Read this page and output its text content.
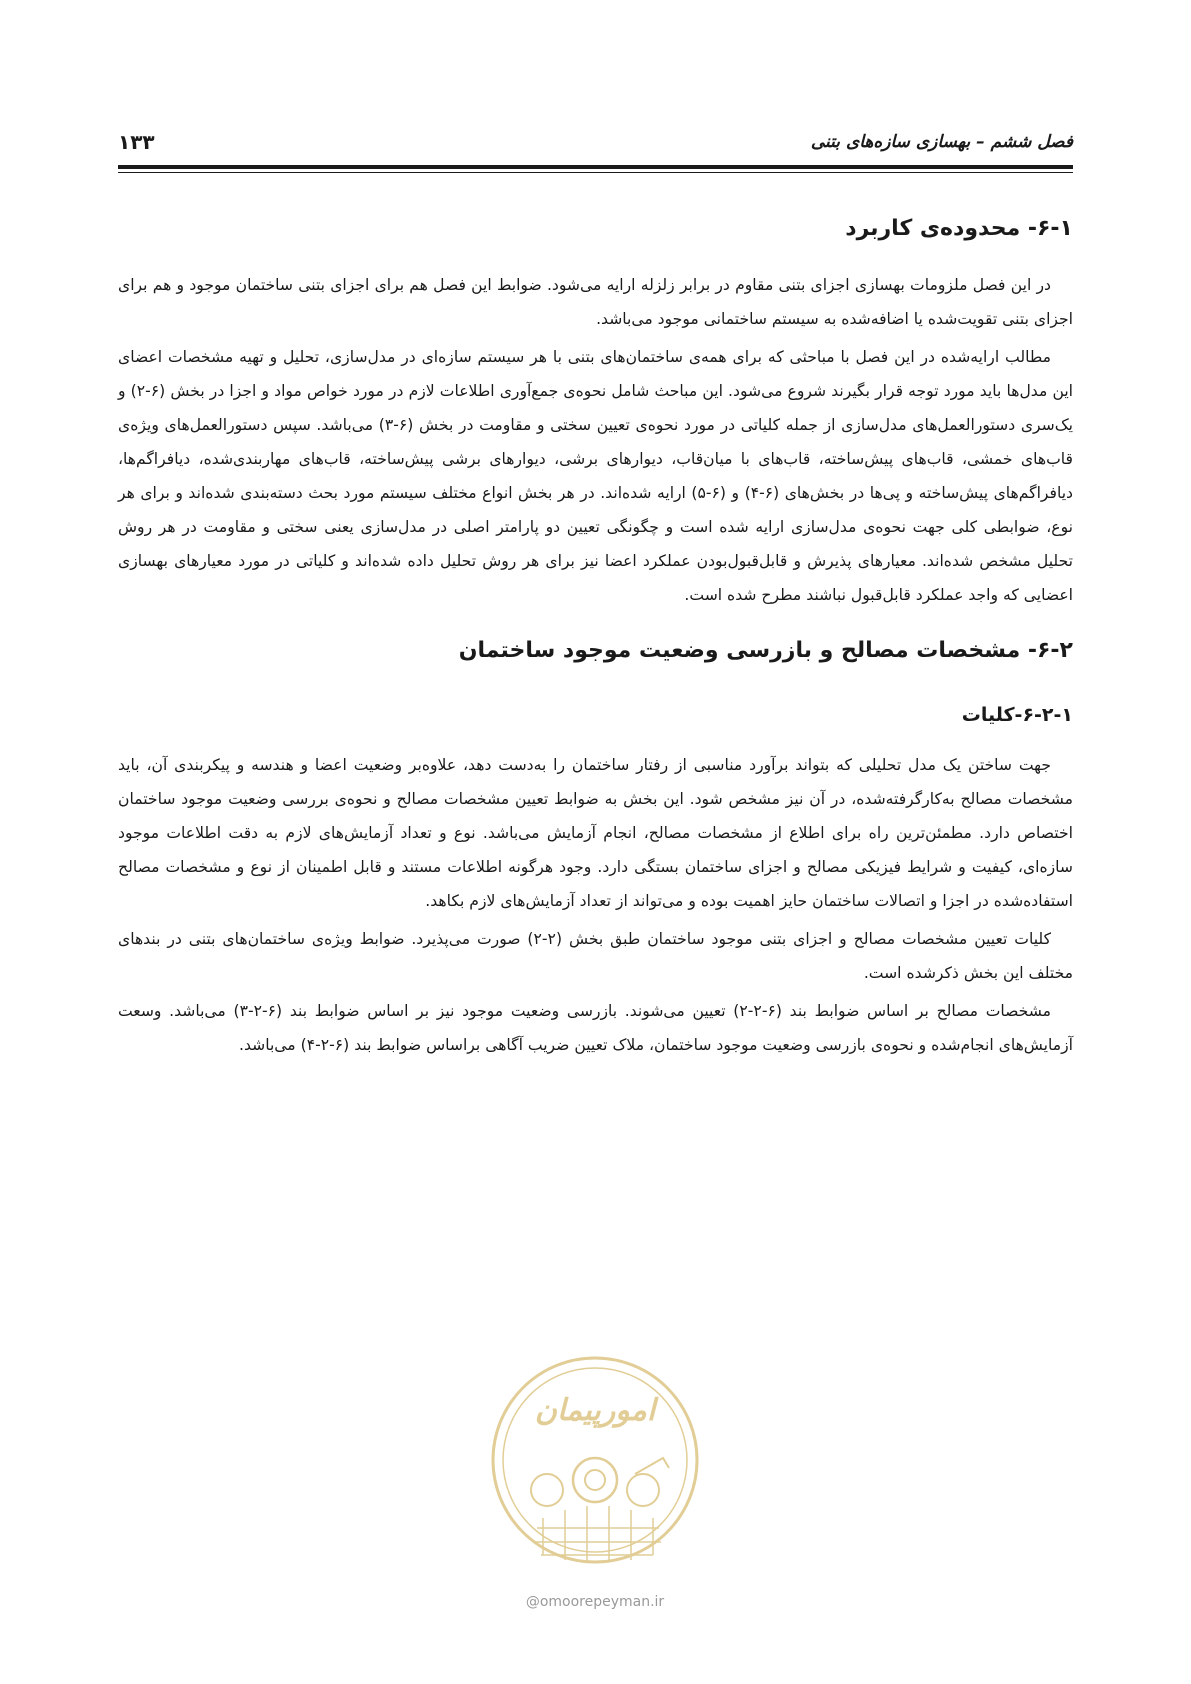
فصل ششم – بهسازی سازه‌های بتنی
۱۳۳
۶-۱- محدوده‌ی کاربرد

در این فصل ملزومات بهسازی اجزای بتنی مقاوم در برابر زلزله ارایه می‌شود. ضوابط این فصل هم برای اجزای بتنی ساختمان موجود و هم برای اجزای بتنی تقویت‌شده یا اضافه‌شده به سیستم ساختمانی موجود می‌باشد.

مطالب ارایه‌شده در این فصل با مباحثی که برای همه‌ی ساختمان‌های بتنی با هر سیستم سازه‌ای در مدل‌سازی، تحلیل و تهیه مشخصات اعضای این مدل‌ها باید مورد توجه قرار بگیرند شروع می‌شود. این مباحث شامل نحوه‌ی جمع‌آوری اطلاعات لازم در مورد خواص مواد و اجزا در بخش (۶-۲) و یک‌سری دستورالعمل‌های مدل‌سازی از جمله کلیاتی در مورد نحوه‌ی تعیین سختی و مقاومت در بخش (۶-۳) می‌باشد. سپس دستورالعمل‌های ویژه‌ی قاب‌های خمشی، قاب‌های پیش‌ساخته، قاب‌های با میان‌قاب، دیوارهای برشی، دیوارهای برشی پیش‌ساخته، قاب‌های مهاربندی‌شده، دیافراگم‌ها، دیافراگم‌های پیش‌ساخته و پی‌ها در بخش‌های (۶-۴) و (۶-۵) ارایه شده‌اند. در هر بخش انواع مختلف سیستم مورد بحث دسته‌بندی شده‌اند و برای هر نوع، ضوابطی کلی جهت نحوه‌ی مدل‌سازی ارایه شده است و چگونگی تعیین دو پارامتر اصلی در مدل‌سازی یعنی سختی و مقاومت در هر روش تحلیل مشخص شده‌اند. معیارهای پذیرش و قابل‌قبول‌بودن عملکرد اعضا نیز برای هر روش تحلیل داده شده‌اند و کلیاتی در مورد معیارهای بهسازی اعضایی که واجد عملکرد قابل‌قبول نباشند مطرح شده است.

۶-۲- مشخصات مصالح و بازرسی وضعیت موجود ساختمان
۶-۲-۱-کلیات

جهت ساختن یک مدل تحلیلی که بتواند برآورد مناسبی از رفتار ساختمان را به‌دست دهد، علاوه‌بر وضعیت اعضا و هندسه و پیکربندی آن، باید مشخصات مصالح به‌کارگرفته‌شده، در آن نیز مشخص شود. این بخش به ضوابط تعیین مشخصات مصالح و نحوه‌ی بررسی وضعیت موجود ساختمان اختصاص دارد. مطمئن‌ترین راه برای اطلاع از مشخصات مصالح، انجام آزمایش می‌باشد. نوع و تعداد آزمایش‌های لازم به دقت اطلاعات موجود سازه‌ای، کیفیت و شرایط فیزیکی مصالح و اجزای ساختمان بستگی دارد. وجود هرگونه اطلاعات مستند و قابل اطمینان از نوع و مشخصات مصالح استفاده‌شده در اجزا و اتصالات ساختمان حایز اهمیت بوده و می‌تواند از تعداد آزمایش‌های لازم بکاهد.

کلیات تعیین مشخصات مصالح و اجزای بتنی موجود ساختمان طبق بخش (۲-۲) صورت می‌پذیرد. ضوابط ویژه‌ی ساختمان‌های بتنی در بندهای مختلف این بخش ذکرشده است.

مشخصات مصالح بر اساس ضوابط بند (۶-۲-۲) تعیین می‌شوند. بازرسی وضعیت موجود نیز بر اساس ضوابط بند (۶-۲-۳) می‌باشد. وسعت آزمایش‌های انجام‌شده و نحوه‌ی بازرسی وضعیت موجود ساختمان، ملاک تعیین ضریب آگاهی براساس ضوابط بند (۶-۲-۴) می‌باشد.

امورپیمان
@omoorepeyman.ir
